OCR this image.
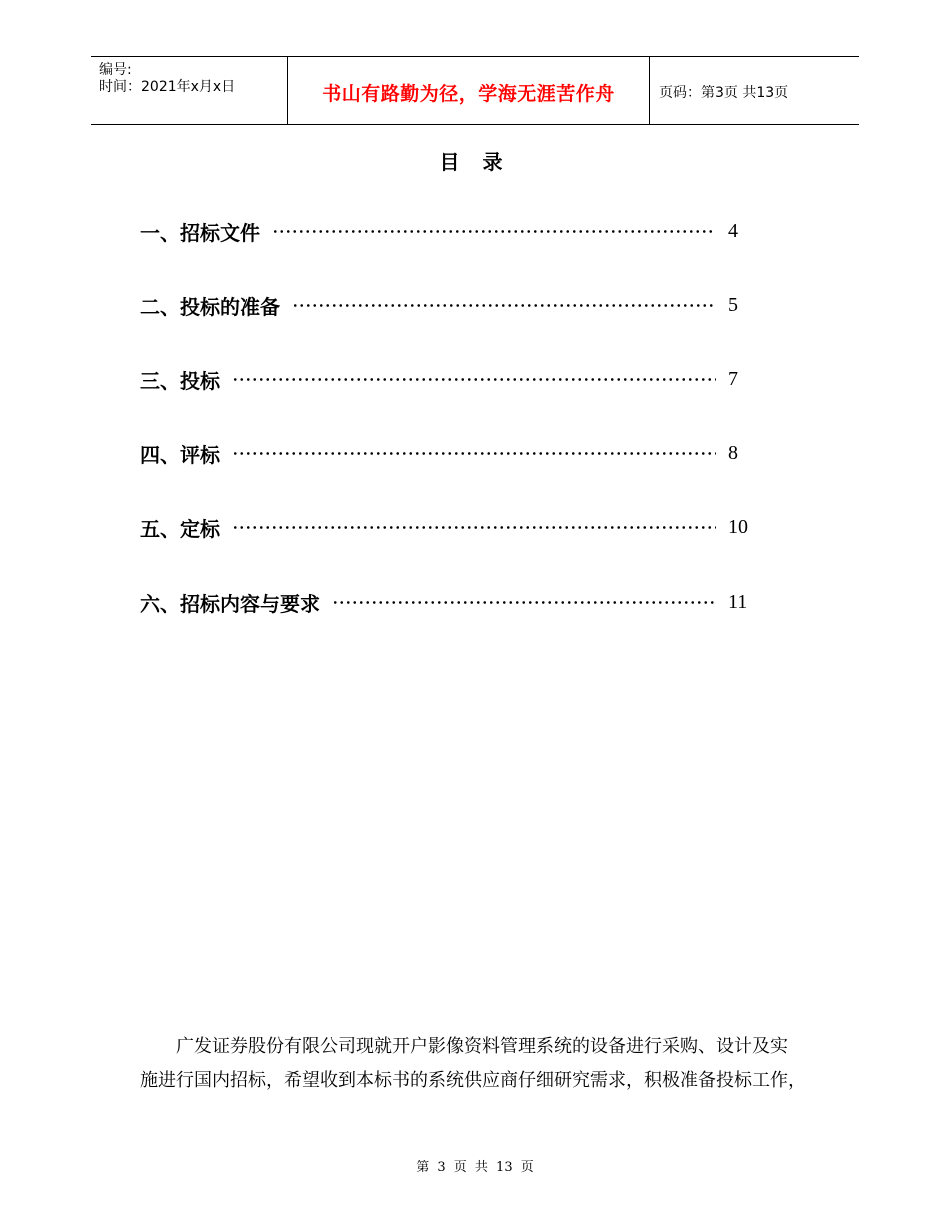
编号:
时间：2021年x月x日	书山有路勤为径，学海无涯苦作舟	页码：第3页 共13页
目 录
一、招标文件	4
二、投标的准备	5
三、投标	7
四、评标	8
五、定标	10
六、招标内容与要求	11
广发证券股份有限公司现就开户影像资料管理系统的设备进行采购、设计及实
施进行国内招标，希望收到本标书的系统供应商仔细研究需求，积极准备投标工作，
第 3 页 共 13 页
